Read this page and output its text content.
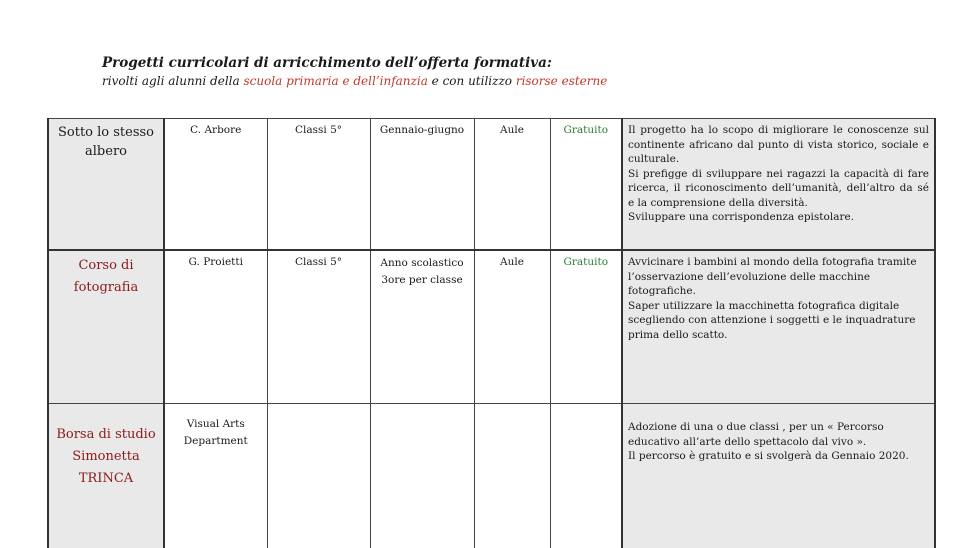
Progetti curricolari di arricchimento dell’offerta formativa:

rivolti agli alunni della scuola primaria e dell’infanzia e con utilizzo risorse esterne

Sotto lo stesso albero	C. Arbore	Classi 5°	Gennaio-giugno	Aule	Gratuito	Il progetto ha lo scopo di migliorare le conoscenze sul continente africano dal punto di vista storico, sociale e culturale.
Si prefigge di sviluppare nei ragazzi la capacità di fare ricerca, il riconoscimento dell’umanità, dell’altro da sé e la comprensione della diversità.
Sviluppare una corrispondenza epistolare.

Corso di fotografia	G. Proietti	Classi 5°	Anno scolastico 3ore per classe	Aule	Gratuito	Avvicinare i bambini al mondo della fotografia tramite l’osservazione dell’evoluzione delle macchine fotografiche.
Saper utilizzare la macchinetta fotografica digitale scegliendo con attenzione i soggetti e le inquadrature prima dello scatto.

Borsa di studio Simonetta TRINCA	Visual Arts Department					Adozione di una o due classi , per un « Percorso educativo all’arte dello spettacolo dal vivo ».
Il percorso è gratuito e si svolgerà da Gennaio 2020.
